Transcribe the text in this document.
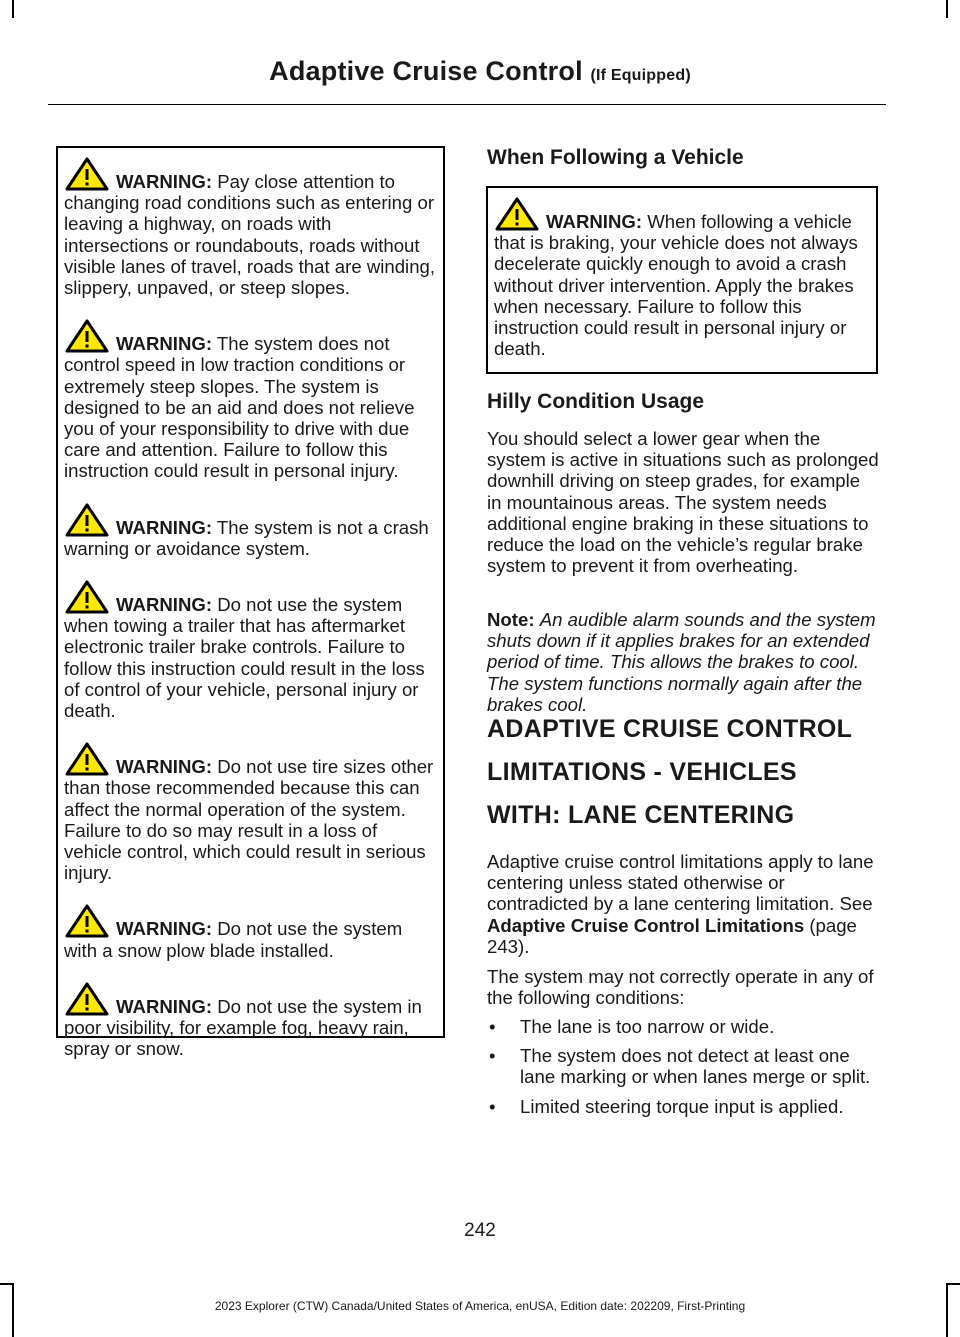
Adaptive Cruise Control (If Equipped)
WARNING: Pay close attention to changing road conditions such as entering or leaving a highway, on roads with intersections or roundabouts, roads without visible lanes of travel, roads that are winding, slippery, unpaved, or steep slopes.
WARNING: The system does not control speed in low traction conditions or extremely steep slopes. The system is designed to be an aid and does not relieve you of your responsibility to drive with due care and attention. Failure to follow this instruction could result in personal injury.
WARNING: The system is not a crash warning or avoidance system.
WARNING: Do not use the system when towing a trailer that has aftermarket electronic trailer brake controls. Failure to follow this instruction could result in the loss of control of your vehicle, personal injury or death.
WARNING: Do not use tire sizes other than those recommended because this can affect the normal operation of the system. Failure to do so may result in a loss of vehicle control, which could result in serious injury.
WARNING: Do not use the system with a snow plow blade installed.
WARNING: Do not use the system in poor visibility, for example fog, heavy rain, spray or snow.
When Following a Vehicle
WARNING: When following a vehicle that is braking, your vehicle does not always decelerate quickly enough to avoid a crash without driver intervention. Apply the brakes when necessary. Failure to follow this instruction could result in personal injury or death.
Hilly Condition Usage

You should select a lower gear when the system is active in situations such as prolonged downhill driving on steep grades, for example in mountainous areas. The system needs additional engine braking in these situations to reduce the load on the vehicle’s regular brake system to prevent it from overheating.

Note: An audible alarm sounds and the system shuts down if it applies brakes for an extended period of time. This allows the brakes to cool. The system functions normally again after the brakes cool.

ADAPTIVE CRUISE CONTROL
LIMITATIONS - VEHICLES
WITH: LANE CENTERING

Adaptive cruise control limitations apply to lane centering unless stated otherwise or contradicted by a lane centering limitation. See Adaptive Cruise Control Limitations (page 243).

The system may not correctly operate in any of the following conditions:

• The lane is too narrow or wide.
• The system does not detect at least one lane marking or when lanes merge or split.
• Limited steering torque input is applied.
242
2023 Explorer (CTW) Canada/United States of America, enUSA, Edition date: 202209, First-Printing
